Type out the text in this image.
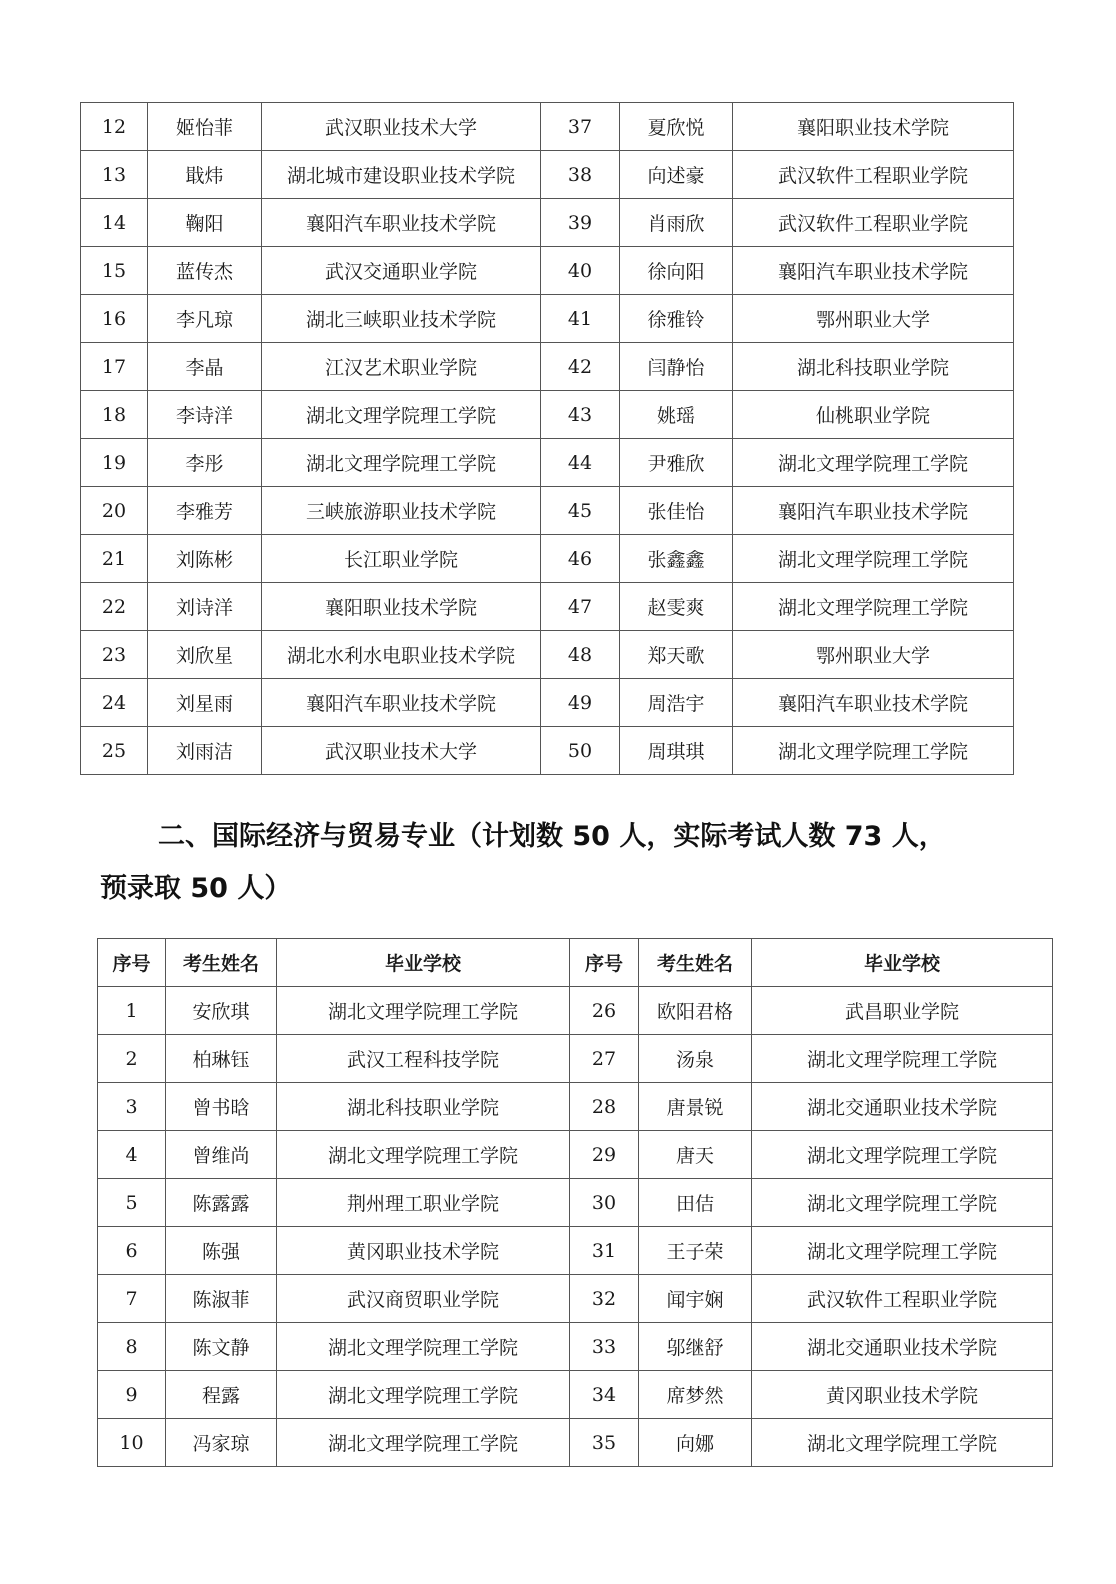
12	姬怡菲	武汉职业技术大学	37	夏欣悦	襄阳职业技术学院
13	戢炜	湖北城市建设职业技术学院	38	向述豪	武汉软件工程职业学院
14	鞠阳	襄阳汽车职业技术学院	39	肖雨欣	武汉软件工程职业学院
15	蓝传杰	武汉交通职业学院	40	徐向阳	襄阳汽车职业技术学院
16	李凡琼	湖北三峡职业技术学院	41	徐雅铃	鄂州职业大学
17	李晶	江汉艺术职业学院	42	闫静怡	湖北科技职业学院
18	李诗洋	湖北文理学院理工学院	43	姚瑶	仙桃职业学院
19	李彤	湖北文理学院理工学院	44	尹雅欣	湖北文理学院理工学院
20	李雅芳	三峡旅游职业技术学院	45	张佳怡	襄阳汽车职业技术学院
21	刘陈彬	长江职业学院	46	张鑫鑫	湖北文理学院理工学院
22	刘诗洋	襄阳职业技术学院	47	赵雯爽	湖北文理学院理工学院
23	刘欣星	湖北水利水电职业技术学院	48	郑天歌	鄂州职业大学
24	刘星雨	襄阳汽车职业技术学院	49	周浩宇	襄阳汽车职业技术学院
25	刘雨洁	武汉职业技术大学	50	周琪琪	湖北文理学院理工学院
二、国际经济与贸易专业（计划数 50 人，实际考试人数 73 人，
预录取 50 人）
序号	考生姓名	毕业学校	序号	考生姓名	毕业学校
1	安欣琪	湖北文理学院理工学院	26	欧阳君格	武昌职业学院
2	柏琳钰	武汉工程科技学院	27	汤泉	湖北文理学院理工学院
3	曾书晗	湖北科技职业学院	28	唐景锐	湖北交通职业技术学院
4	曾维尚	湖北文理学院理工学院	29	唐天	湖北文理学院理工学院
5	陈露露	荆州理工职业学院	30	田佶	湖北文理学院理工学院
6	陈强	黄冈职业技术学院	31	王子荣	湖北文理学院理工学院
7	陈淑菲	武汉商贸职业学院	32	闻宇娴	武汉软件工程职业学院
8	陈文静	湖北文理学院理工学院	33	邬继舒	湖北交通职业技术学院
9	程露	湖北文理学院理工学院	34	席梦然	黄冈职业技术学院
10	冯家琼	湖北文理学院理工学院	35	向娜	湖北文理学院理工学院
